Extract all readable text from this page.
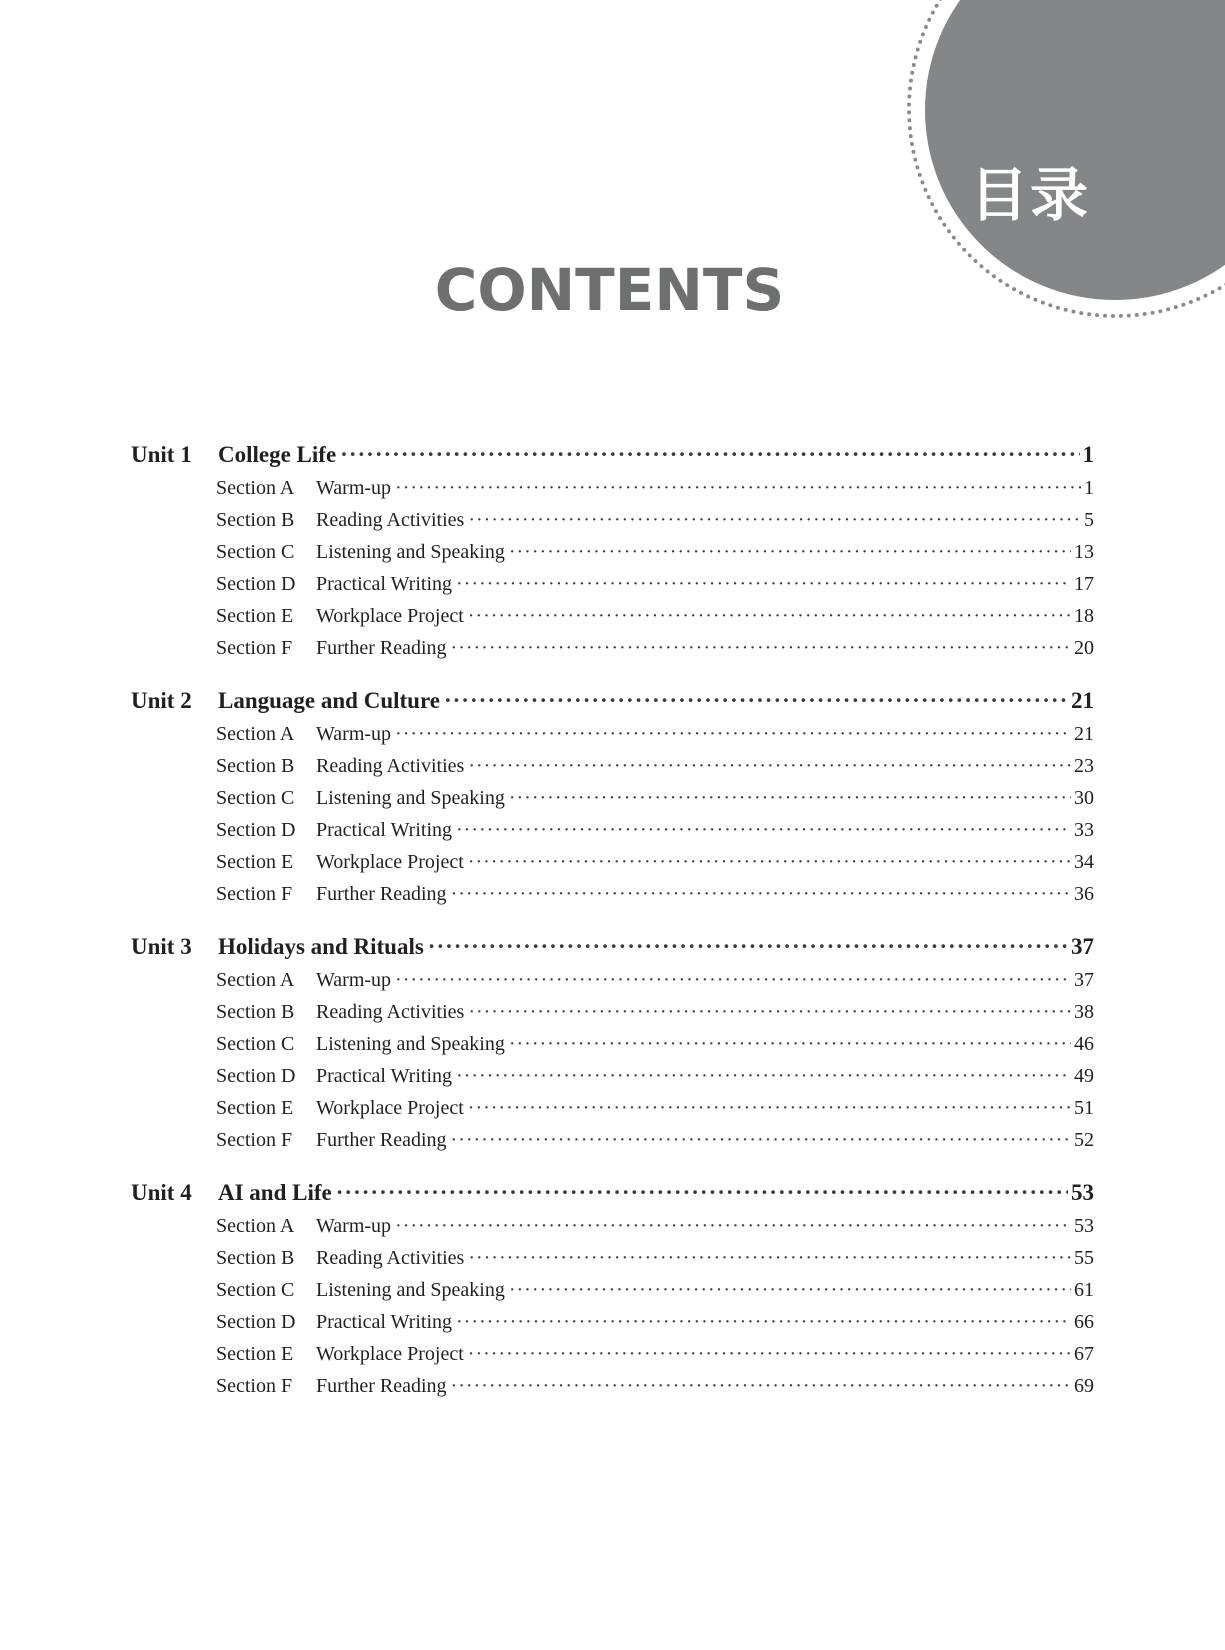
目录
CONTENTS
Unit 1	College Life ·····	1
Section A	Warm-up ·····	1
Section B	Reading Activities ·····	5
Section C	Listening and Speaking ·····	13
Section D	Practical Writing ·····	17
Section E	Workplace Project ·····	18
Section F	Further Reading ·····	20
Unit 2	Language and Culture ·····	21
Section A	Warm-up ·····	21
Section B	Reading Activities ·····	23
Section C	Listening and Speaking ·····	30
Section D	Practical Writing ·····	33
Section E	Workplace Project ·····	34
Section F	Further Reading ·····	36
Unit 3	Holidays and Rituals ·····	37
Section A	Warm-up ·····	37
Section B	Reading Activities ·····	38
Section C	Listening and Speaking ·····	46
Section D	Practical Writing ·····	49
Section E	Workplace Project ·····	51
Section F	Further Reading ·····	52
Unit 4	AI and Life ·····	53
Section A	Warm-up ·····	53
Section B	Reading Activities ·····	55
Section C	Listening and Speaking ·····	61
Section D	Practical Writing ·····	66
Section E	Workplace Project ·····	67
Section F	Further Reading ·····	69
